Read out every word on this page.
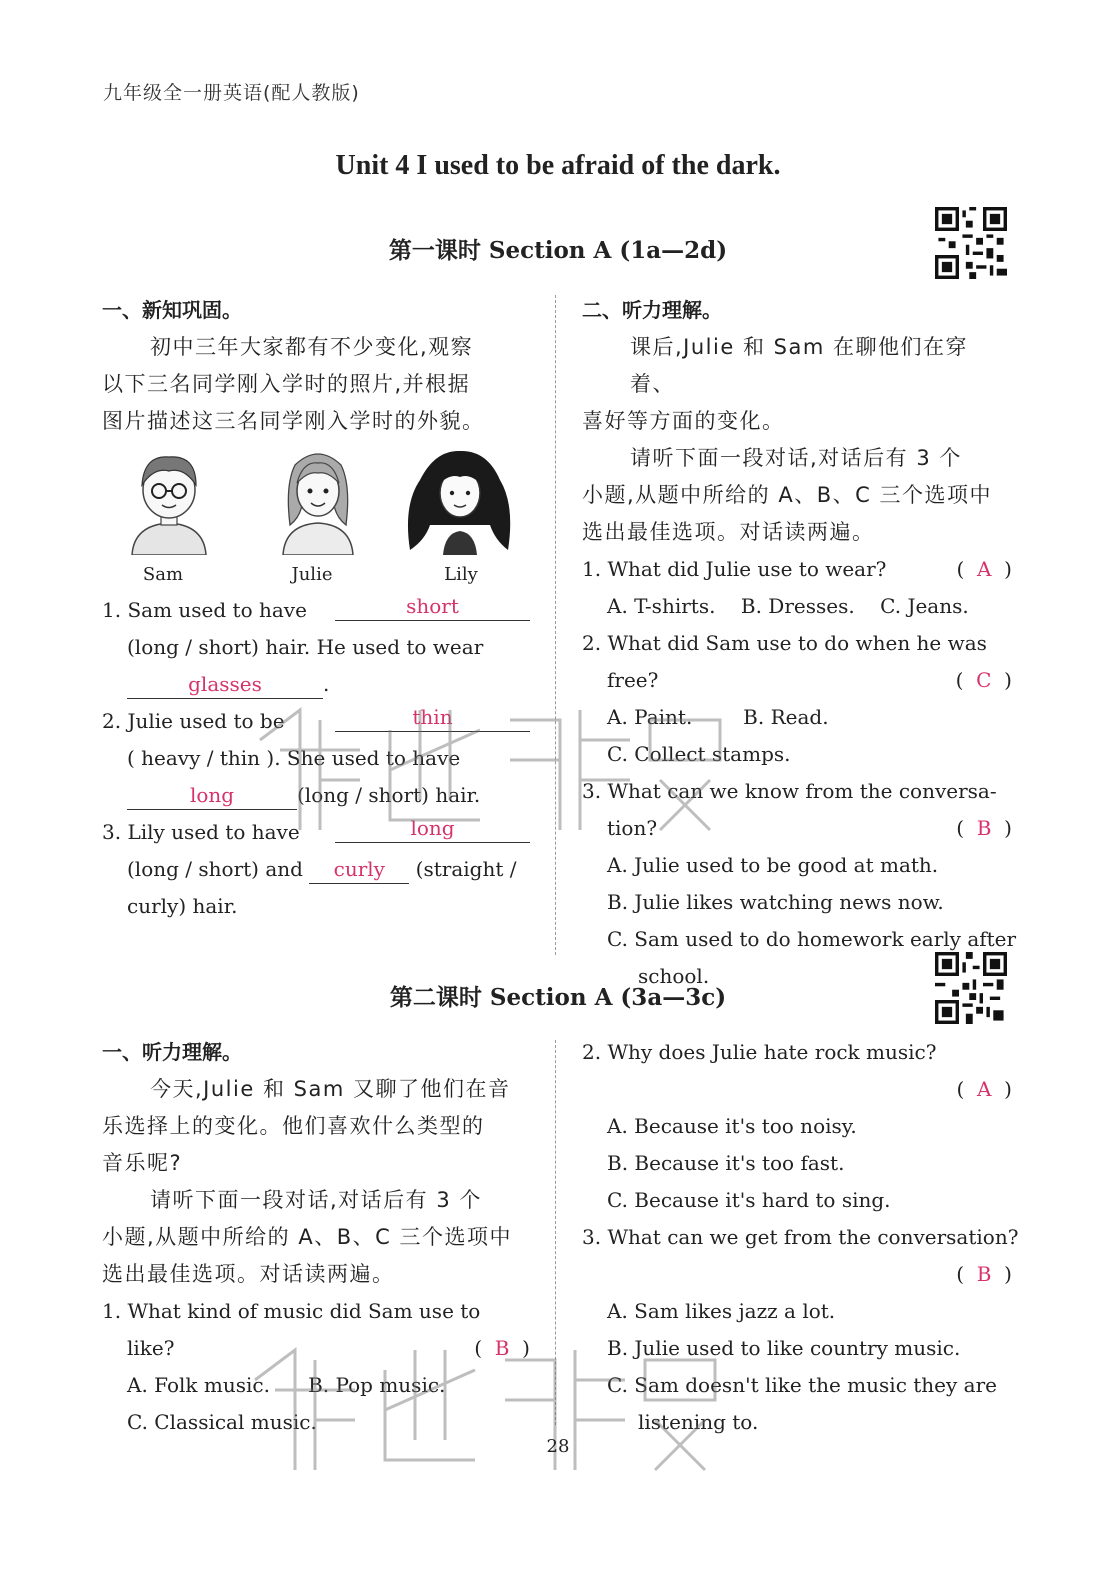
九年级全一册英语(配人教版)
Unit 4 I used to be afraid of the dark.
第一课时 Section A (1a—2d)
一、新知巩固。
初中三年大家都有不少变化,观察
以下三名同学刚入学时的照片,并根据
图片描述这三名同学刚入学时的外貌。
Sam	Julie	Lily
1. Sam used to have	short
(long / short) hair. He used to wear
glasses	.
2. Julie used to be	thin
( heavy / thin ). She used to have
long	(long / short) hair.
3. Lily used to have	long
(long / short) and curly (straight /
curly) hair.
二、听力理解。
课后,Julie 和 Sam 在聊他们在穿着、
喜好等方面的变化。
请听下面一段对话,对话后有 3 个
小题,从题中所给的 A、B、C 三个选项中
选出最佳选项。对话读两遍。
1. What did Julie use to wear?	(  A  )
A. T-shirts. B. Dresses. C. Jeans.
2. What did Sam use to do when he was
free?	(  C  )
A. Paint.	B. Read.
C. Collect stamps.
3. What can we know from the conversa-
tion?	(  B  )
A. Julie used to be good at math.
B. Julie likes watching news now.
C. Sam used to do homework early after
school.
第二课时 Section A (3a—3c)
一、听力理解。
今天,Julie 和 Sam 又聊了他们在音
乐选择上的变化。他们喜欢什么类型的
音乐呢?
请听下面一段对话,对话后有 3 个
小题,从题中所给的 A、B、C 三个选项中
选出最佳选项。对话读两遍。
1. What kind of music did Sam use to
like?	(  B  )
A. Folk music. B. Pop music.
C. Classical music.
2. Why does Julie hate rock music?
(  A  )
A. Because it's too noisy.
B. Because it's too fast.
C. Because it's hard to sing.
3. What can we get from the conversation?
(  B  )
A. Sam likes jazz a lot.
B. Julie used to like country music.
C. Sam doesn't like the music they are
listening to.
28
